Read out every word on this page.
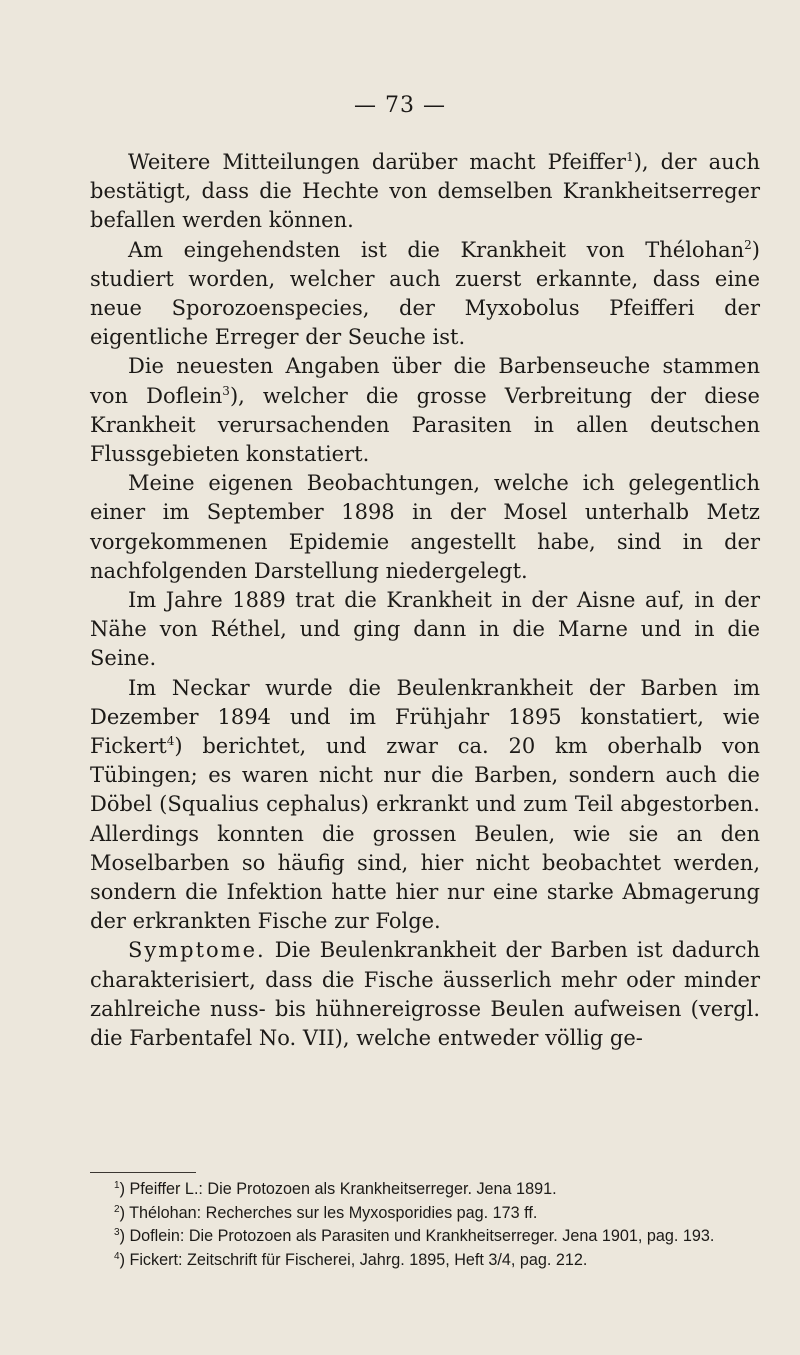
— 73 —

Weitere Mitteilungen darüber macht Pfeiffer$^1$), der auch bestätigt, dass die Hechte von demselben Krankheitserreger befallen werden können.

Am eingehendsten ist die Krankheit von Thélohan$^2$) studiert worden, welcher auch zuerst erkannte, dass eine neue Sporozoenspecies, der Myxobolus Pfeifferi der eigentliche Erreger der Seuche ist.

Die neuesten Angaben über die Barbenseuche stammen von Doflein$^3$), welcher die grosse Verbreitung der diese Krankheit verursachenden Parasiten in allen deutschen Flussgebieten konstatiert.

Meine eigenen Beobachtungen, welche ich gelegentlich einer im September 1898 in der Mosel unterhalb Metz vorgekommenen Epidemie angestellt habe, sind in der nachfolgenden Darstellung niedergelegt.

Im Jahre 1889 trat die Krankheit in der Aisne auf, in der Nähe von Réthel, und ging dann in die Marne und in die Seine.

Im Neckar wurde die Beulenkrankheit der Barben im Dezember 1894 und im Frühjahr 1895 konstatiert, wie Fickert$^4$) berichtet, und zwar ca. 20 km oberhalb von Tübingen; es waren nicht nur die Barben, sondern auch die Döbel (Squalius cephalus) erkrankt und zum Teil abgestorben. Allerdings konnten die grossen Beulen, wie sie an den Moselbarben so häufig sind, hier nicht beobachtet werden, sondern die Infektion hatte hier nur eine starke Abmagerung der erkrankten Fische zur Folge.

Symptome. Die Beulenkrankheit der Barben ist dadurch charakterisiert, dass die Fische äusserlich mehr oder minder zahlreiche nuss- bis hühnereigrosse Beulen aufweisen (vergl. die Farbentafel No. VII), welche entweder völlig ge-

$^1$) Pfeiffer L.: Die Protozoen als Krankheitserreger. Jena 1891.

$^2$) Thélohan: Recherches sur les Myxosporidies pag. 173 ff.

$^3$) Doflein: Die Protozoen als Parasiten und Krankheitserreger. Jena 1901, pag. 193.

$^4$) Fickert: Zeitschrift für Fischerei, Jahrg. 1895, Heft 3/4, pag. 212.
